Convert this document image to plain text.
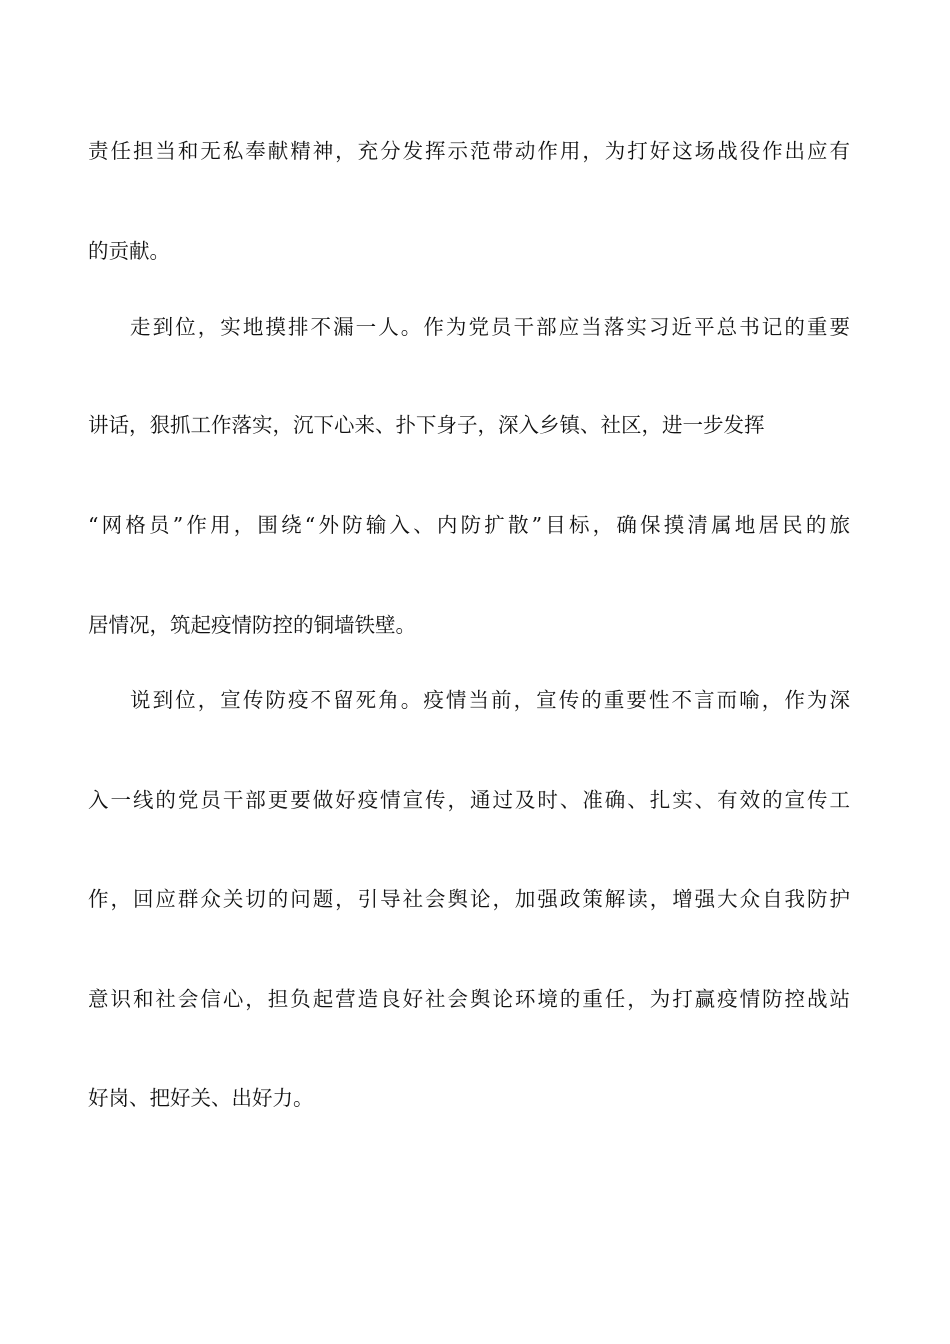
责任担当和无私奉献精神，充分发挥示范带动作用，为打好这场战役作出应有
的贡献。
走到位，实地摸排不漏一人。作为党员干部应当落实习近平总书记的重要
讲话，狠抓工作落实，沉下心来、扑下身子，深入乡镇、社区，进一步发挥
“网格员”作用，围绕“外防输入、内防扩散”目标，确保摸清属地居民的旅
居情况，筑起疫情防控的铜墙铁壁。
说到位，宣传防疫不留死角。疫情当前，宣传的重要性不言而喻，作为深
入一线的党员干部更要做好疫情宣传，通过及时、准确、扎实、有效的宣传工
作，回应群众关切的问题，引导社会舆论，加强政策解读，增强大众自我防护
意识和社会信心，担负起营造良好社会舆论环境的重任，为打赢疫情防控战站
好岗、把好关、出好力。
